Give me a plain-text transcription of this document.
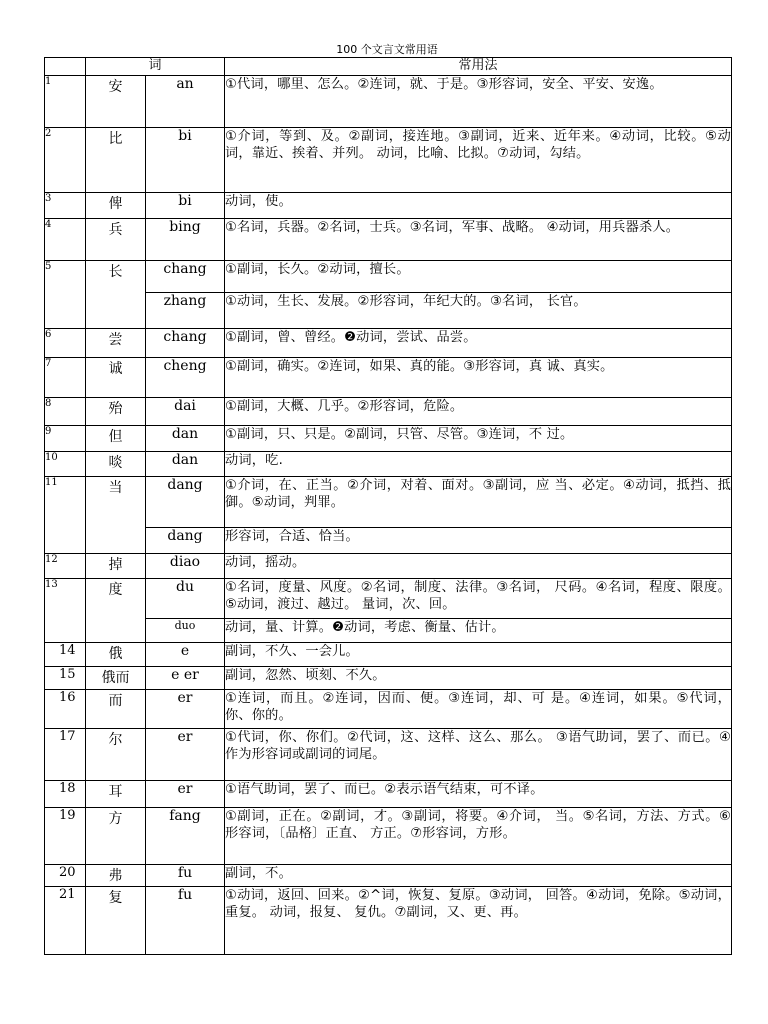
100 个文言文常用语
	词		常用法
1	安	an	①代词，哪里、怎么。②连词，就、于是。③形容词，安全、平安、安逸。
2	比	bi	①介词，等到、及。②副词，接连地。③副词，近来、近年来。④动词，比较。⑤动词，靠近、挨着、并列。 动词，比喻、比拟。⑦动词，勾结。
3	俾	bi	动词，使。
4	兵	bing	①名词，兵器。②名词，士兵。③名词，军事、战略。 ④动词，用兵器杀人。
5	长	chang	①副词，长久。②动词，擅长。
		zhang	①动词，生长、发展。②形容词，年纪大的。③名词， 长官。
6	尝	chang	①副词，曾、曾经。❷动词，尝试、品尝。
7	诚	cheng	①副词，确实。②连词，如果、真的能。③形容词，真 诚、真实。
8	殆	dai	①副词，大概、几乎。②形容词，危险。
9	但	dan	①副词，只、只是。②副词，只管、尽管。③连词，不 过。
10	啖	dan	动词，吃.
11	当	dang	①介词，在、正当。②介词，对着、面对。③副词，应 当、必定。④动词，抵挡、抵御。⑤动词，判罪。
		dang	形容词，合适、恰当。
12	掉	diao	动词，摇动。
13	度	du	①名词，度量、风度。②名词，制度、法律。③名词， 尺码。④名词，程度、限度。⑤动词，渡过、越过。 量词，次、回。
		duo	动词，量、计算。❷动词，考虑、衡量、估计。
14	俄	e	副词，不久、一会儿。
15	俄而	e er	副词，忽然、顷刻、不久。
16	而	er	①连词，而且。②连词，因而、便。③连词，却、可 是。④连词，如果。⑤代词，你、你的。
17	尔	er	①代词，你、你们。②代词，这、这样、这么、那么。 ③语气助词，罢了、而已。④作为形容词或副词的词尾。
18	耳	er	①语气助词，罢了、而已。②表示语气结束，可不译。
19	方	fang	①副词，正在。②副词，才。③副词，将要。④介词， 当。⑤名词，方法、方式。⑥ 形容词，〔品格〕正直、 方正。⑦形容词，方形。
20	弗	fu	副词，不。
21	复	fu	①动词，返回、回来。②^词，恢复、复原。③动词， 回答。④动词，免除。⑤动词，重复。 动词，报复、 复仇。⑦副词，又、更、再。
